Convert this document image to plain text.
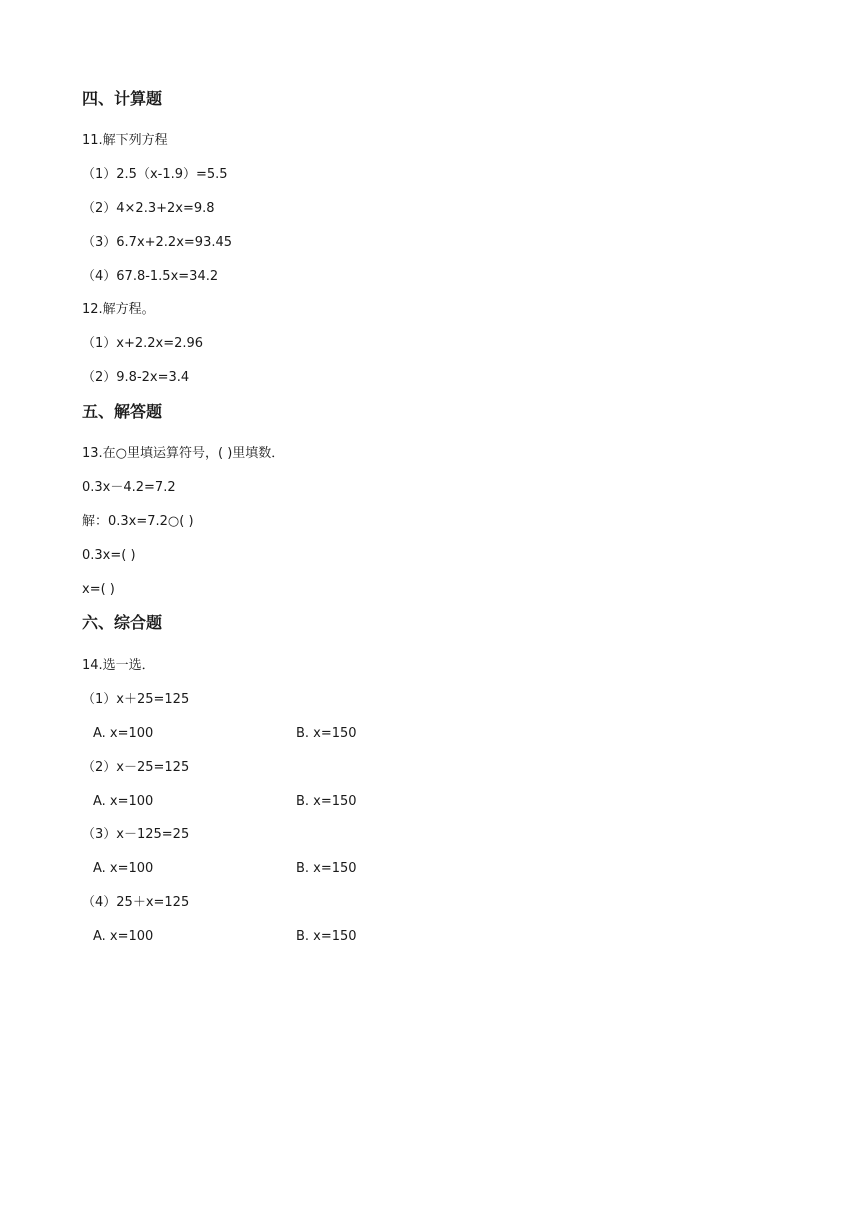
四、计算题
11.解下列方程
（1）2.5（x-1.9）=5.5
（2）4×2.3+2x=9.8
（3）6.7x+2.2x=93.45
（4）67.8-1.5x=34.2
12.解方程。
（1）x+2.2x=2.96
（2）9.8-2x=3.4
五、解答题
13.在○里填运算符号，( )里填数．
0.3x－4.2=7.2
解：0.3x=7.2○( )
0.3x=( )
x=( )
六、综合题
14.选一选．
（1）x＋25=125
A. x=100	B. x=150
（2）x－25=125
A. x=100	B. x=150
（3）x－125=25
A. x=100	B. x=150
（4）25＋x=125
A. x=100	B. x=150
